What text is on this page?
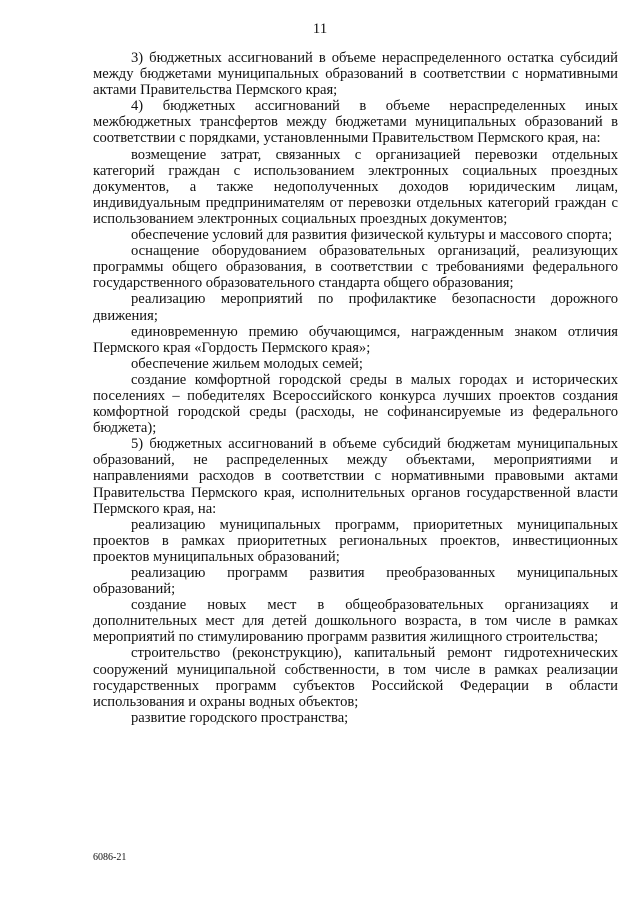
11

3) бюджетных ассигнований в объеме нераспределенного остатка субсидий между бюджетами муниципальных образований в соответствии с нормативными актами Правительства Пермского края;

4) бюджетных ассигнований в объеме нераспределенных иных межбюджетных трансфертов между бюджетами муниципальных образований в соответствии с порядками, установленными Правительством Пермского края, на:

возмещение затрат, связанных с организацией перевозки отдельных категорий граждан с использованием электронных социальных проездных документов, а также недополученных доходов юридическим лицам, индивидуальным предпринимателям от перевозки отдельных категорий граждан с использованием электронных социальных проездных документов;

обеспечение условий для развития физической культуры и массового спорта;

оснащение оборудованием образовательных организаций, реализующих программы общего образования, в соответствии с требованиями федерального государственного образовательного стандарта общего образования;

реализацию мероприятий по профилактике безопасности дорожного движения;

единовременную премию обучающимся, награжденным знаком отличия Пермского края «Гордость Пермского края»;

обеспечение жильем молодых семей;

создание комфортной городской среды в малых городах и исторических поселениях – победителях Всероссийского конкурса лучших проектов создания комфортной городской среды (расходы, не софинансируемые из федерального бюджета);

5) бюджетных ассигнований в объеме субсидий бюджетам муниципальных образований, не распределенных между объектами, мероприятиями и направлениями расходов в соответствии с нормативными правовыми актами Правительства Пермского края, исполнительных органов государственной власти Пермского края, на:

реализацию муниципальных программ, приоритетных муниципальных проектов в рамках приоритетных региональных проектов, инвестиционных проектов муниципальных образований;

реализацию программ развития преобразованных муниципальных образований;

создание новых мест в общеобразовательных организациях и дополнительных мест для детей дошкольного возраста, в том числе в рамках мероприятий по стимулированию программ развития жилищного строительства;

строительство (реконструкцию), капитальный ремонт гидротехнических сооружений муниципальной собственности, в том числе в рамках реализации государственных программ субъектов Российской Федерации в области использования и охраны водных объектов;

развитие городского пространства;

6086-21
